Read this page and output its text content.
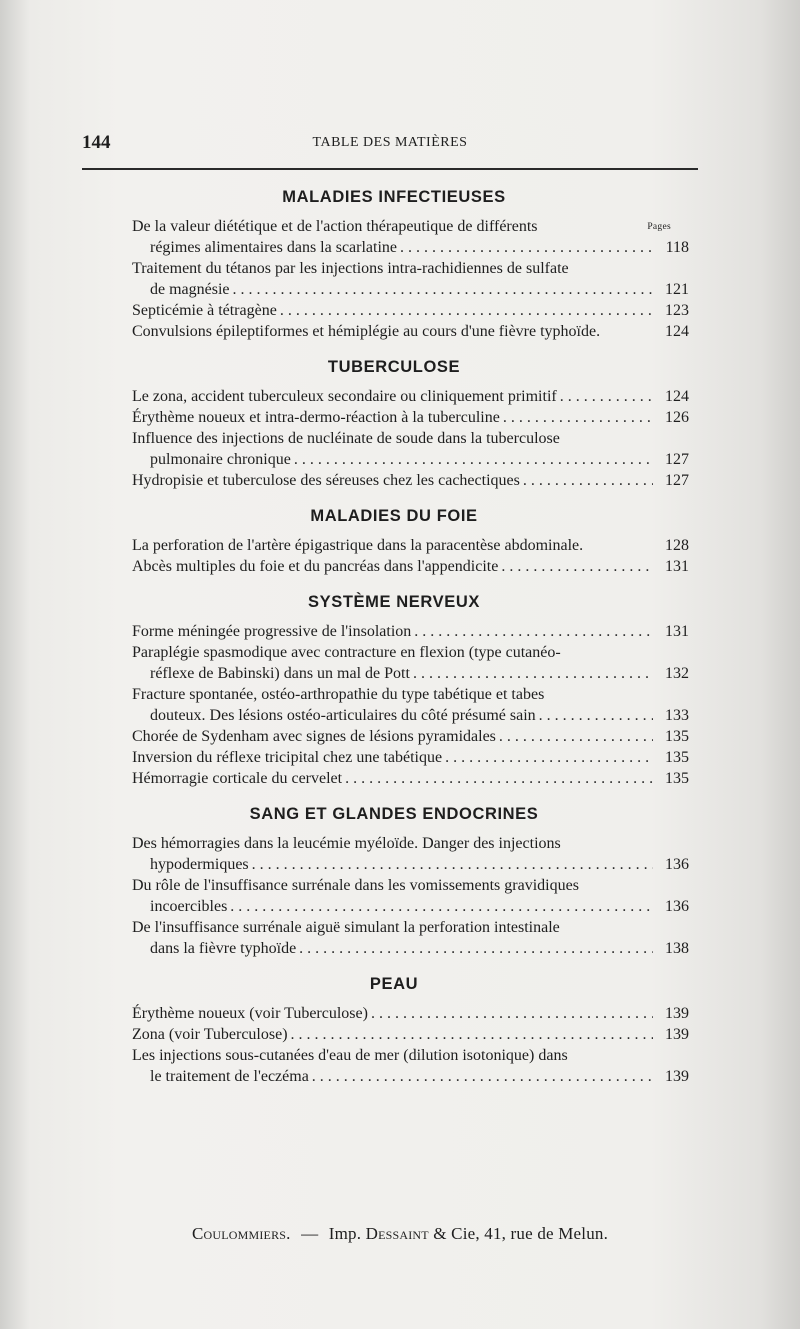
144	TABLE DES MATIÈRES
Pages
MALADIES INFECTIEUSES
De la valeur diététique et de l'action thérapeutique de différents
régimes alimentaires dans la scarlatine . . .	118
Traitement du tétanos par les injections intra-rachidiennes de sulfate
de magnésie . . .	121
Septicémie à tétragène . . .	123
Convulsions épileptiformes et hémiplégie au cours d'une fièvre typhoïde.	124
TUBERCULOSE
Le zona, accident tuberculeux secondaire ou cliniquement primitif . . .	124
Érythème noueux et intra-dermo-réaction à la tuberculine . . .	126
Influence des injections de nucléinate de soude dans la tuberculose
pulmonaire chronique . . .	127
Hydropisie et tuberculose des séreuses chez les cachectiques . . .	127
MALADIES DU FOIE
La perforation de l'artère épigastrique dans la paracentèse abdominale.	128
Abcès multiples du foie et du pancréas dans l'appendicite . . .	131
SYSTÈME NERVEUX
Forme méningée progressive de l'insolation . . .	131
Paraplégie spasmodique avec contracture en flexion (type cutanéo-
réflexe de Babinski) dans un mal de Pott . . .	132
Fracture spontanée, ostéo-arthropathie du type tabétique et tabes
douteux. Des lésions ostéo-articulaires du côté présumé sain . . .	133
Chorée de Sydenham avec signes de lésions pyramidales . . .	135
Inversion du réflexe tricipital chez une tabétique . . .	135
Hémorragie corticale du cervelet . . .	135
SANG ET GLANDES ENDOCRINES
Des hémorragies dans la leucémie myéloïde. Danger des injections
hypodermiques . . .	136
Du rôle de l'insuffisance surrénale dans les vomissements gravidiques
incoercibles . . .	136
De l'insuffisance surrénale aiguë simulant la perforation intestinale
dans la fièvre typhoïde . . .	138
PEAU
Érythème noueux (voir Tuberculose) . . .	139
Zona (voir Tuberculose) . . .	139
Les injections sous-cutanées d'eau de mer (dilution isotonique) dans
le traitement de l'eczéma . . .	139
Coulommiers. — Imp. Dessaint & Cie, 41, rue de Melun.
